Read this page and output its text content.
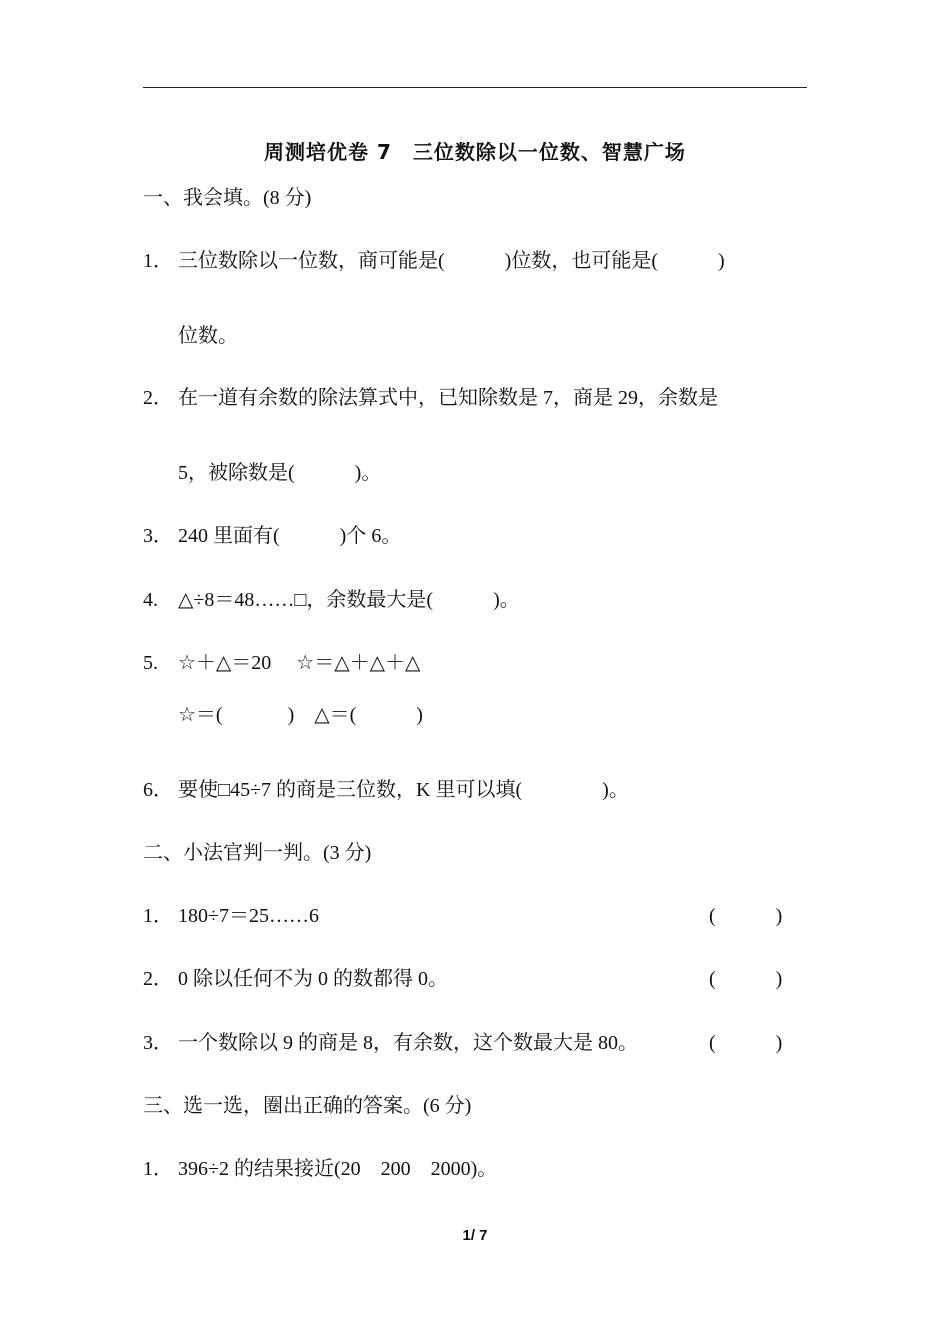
周测培优卷 7　三位数除以一位数、智慧广场
一、我会填。(8 分)
1． 三位数除以一位数，商可能是(　　　)位数，也可能是(　　　)
位数。
2． 在一道有余数的除法算式中，已知除数是 7，商是 29，余数是
5，被除数是(　　　)。
3． 240 里面有(　　　)个 6。
4. △÷8＝48……□，余数最大是(　　　)。
5. ☆＋△＝20　 ☆＝△＋△＋△
☆＝(　　　 )　△＝(　　　)
6． 要使□45÷7 的商是三位数，K 里可以填(　　　　)。
二、小法官判一判。(3 分)
1． 180÷7＝25……6	(　　　)
2． 0 除以任何不为 0 的数都得 0。	(　　　)
3． 一个数除以 9 的商是 8，有余数，这个数最大是 80。	(　　　)
三、选一选，圈出正确的答案。(6 分)
1． 396÷2 的结果接近(20　200　2000)。
1/ 7
